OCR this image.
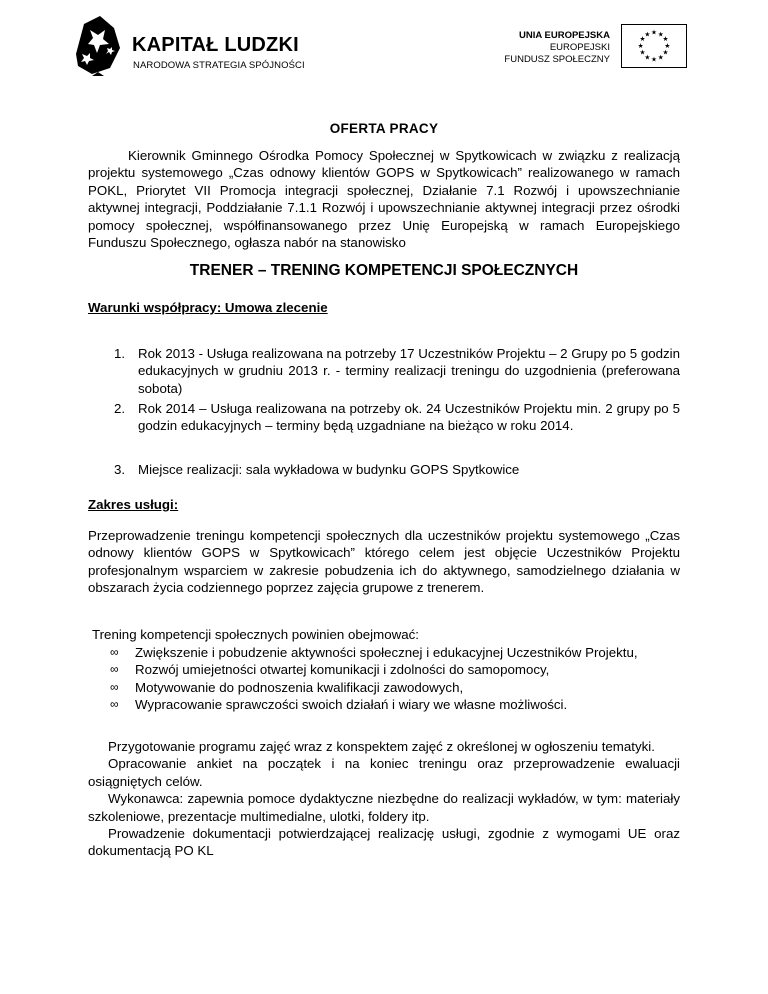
KAPITAŁ LUDZKI
NARODOWA STRATEGIA SPÓJNOŚCI
UNIA EUROPEJSKA
EUROPEJSKI
FUNDUSZ SPOŁECZNY
★ ★
★
★
★
★
★
★
★
★
★
★
OFERTA PRACY
Kierownik Gminnego Ośrodka Pomocy Społecznej w Spytkowicach w związku z realizacją projektu systemowego „Czas odnowy klientów GOPS w Spytkowicach” realizowanego w ramach POKL, Priorytet VII Promocja integracji społecznej, Działanie 7.1 Rozwój i upowszechnianie aktywnej integracji, Poddziałanie 7.1.1 Rozwój i upowszechnianie aktywnej integracji przez ośrodki pomocy społecznej, współfinansowanego przez Unię Europejską w ramach Europejskiego Funduszu Społecznego, ogłasza nabór na stanowisko
TRENER – TRENING KOMPETENCJI SPOŁECZNYCH
Warunki współpracy: Umowa zlecenie
1. Rok 2013 - Usługa realizowana na potrzeby 17 Uczestników Projektu – 2 Grupy po 5 godzin edukacyjnych w grudniu 2013 r. - terminy realizacji treningu do uzgodnienia (preferowana sobota)
2. Rok 2014 – Usługa realizowana na potrzeby ok. 24 Uczestników Projektu min. 2 grupy po 5 godzin edukacyjnych – terminy będą uzgadniane na bieżąco w roku 2014.
3. Miejsce realizacji: sala wykładowa w budynku GOPS Spytkowice
Zakres usługi:
Przeprowadzenie treningu kompetencji społecznych dla uczestników projektu systemowego „Czas odnowy klientów GOPS w Spytkowicach” którego celem jest objęcie Uczestników Projektu profesjonalnym wsparciem w zakresie pobudzenia ich do aktywnego, samodzielnego działania w obszarach życia codziennego poprzez zajęcia grupowe z trenerem.
Trening kompetencji społecznych powinien obejmować:
∞ Zwiększenie i pobudzenie aktywności społecznej i edukacyjnej Uczestników Projektu,
∞ Rozwój umiejetności otwartej komunikacji i zdolności do samopomocy,
∞ Motywowanie do podnoszenia kwalifikacji zawodowych,
∞ Wypracowanie sprawczości swoich działań i wiary we własne możliwości.

Przygotowanie programu zajęć wraz z konspektem zajęć z określonej w ogłoszeniu tematyki.

Opracowanie ankiet na początek i na koniec treningu oraz przeprowadzenie ewaluacji osiągniętych celów.

Wykonawca: zapewnia pomoce dydaktyczne niezbędne do realizacji wykładów, w tym: materiały szkoleniowe, prezentacje multimedialne, ulotki, foldery itp.

Prowadzenie dokumentacji potwierdzającej realizację usługi, zgodnie z wymogami UE oraz dokumentacją PO KL
